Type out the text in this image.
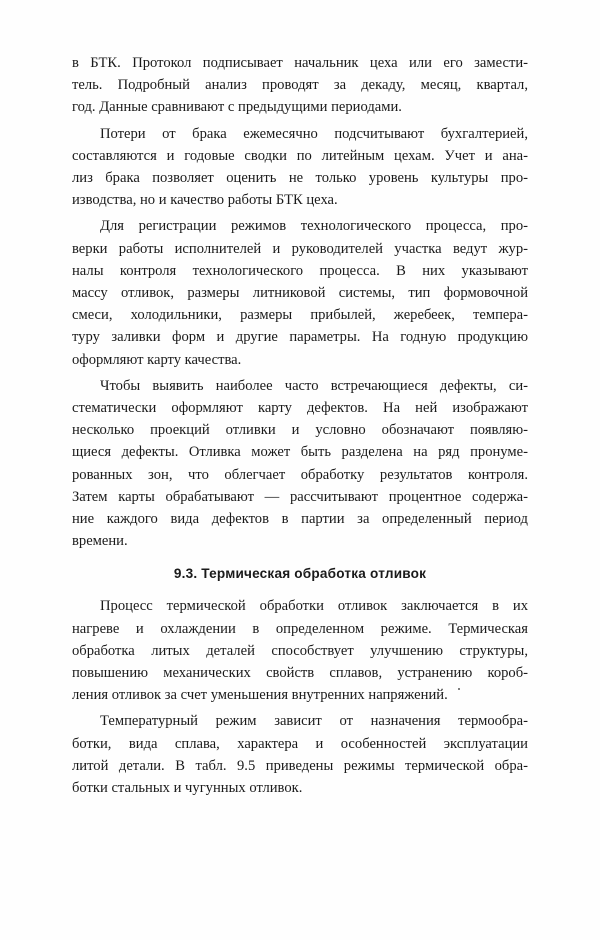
в БТК. Протокол подписывает начальник цеха или его замести-
тель. Подробный анализ проводят за декаду, месяц, квартал,
год. Данные сравнивают с предыдущими периодами.

Потери от брака ежемесячно подсчитывают бухгалтерией,
составляются и годовые сводки по литейным цехам. Учет и ана-
лиз брака позволяет оценить не только уровень культуры про-
изводства, но и качество работы БТК цеха.

Для регистрации режимов технологического процесса, про-
верки работы исполнителей и руководителей участка ведут жур-
налы контроля технологического процесса. В них указывают
массу отливок, размеры литниковой системы, тип формовочной
смеси, холодильники, размеры прибылей, жеребеек, темпера-
туру заливки форм и другие параметры. На годную продукцию
оформляют карту качества.

Чтобы выявить наиболее часто встречающиеся дефекты, си-
стематически оформляют карту дефектов. На ней изображают
несколько проекций отливки и условно обозначают появляю-
щиеся дефекты. Отливка может быть разделена на ряд пронуме-
рованных зон, что облегчает обработку результатов контроля.
Затем карты обрабатывают — рассчитывают процентное содержа-
ние каждого вида дефектов в партии за определенный период
времени.

9.3. Термическая обработка отливок

Процесс термической обработки отливок заключается в их
нагреве и охлаждении в определенном режиме. Термическая
обработка литых деталей способствует улучшению структуры,
повышению механических свойств сплавов, устранению короб-
ления отливок за счет уменьшения внутренних напряжений.

Температурный режим зависит от назначения термообра-
ботки, вида сплава, характера и особенностей эксплуатации
литой детали. В табл. 9.5 приведены режимы термической обра-
ботки стальных и чугунных отливок.
